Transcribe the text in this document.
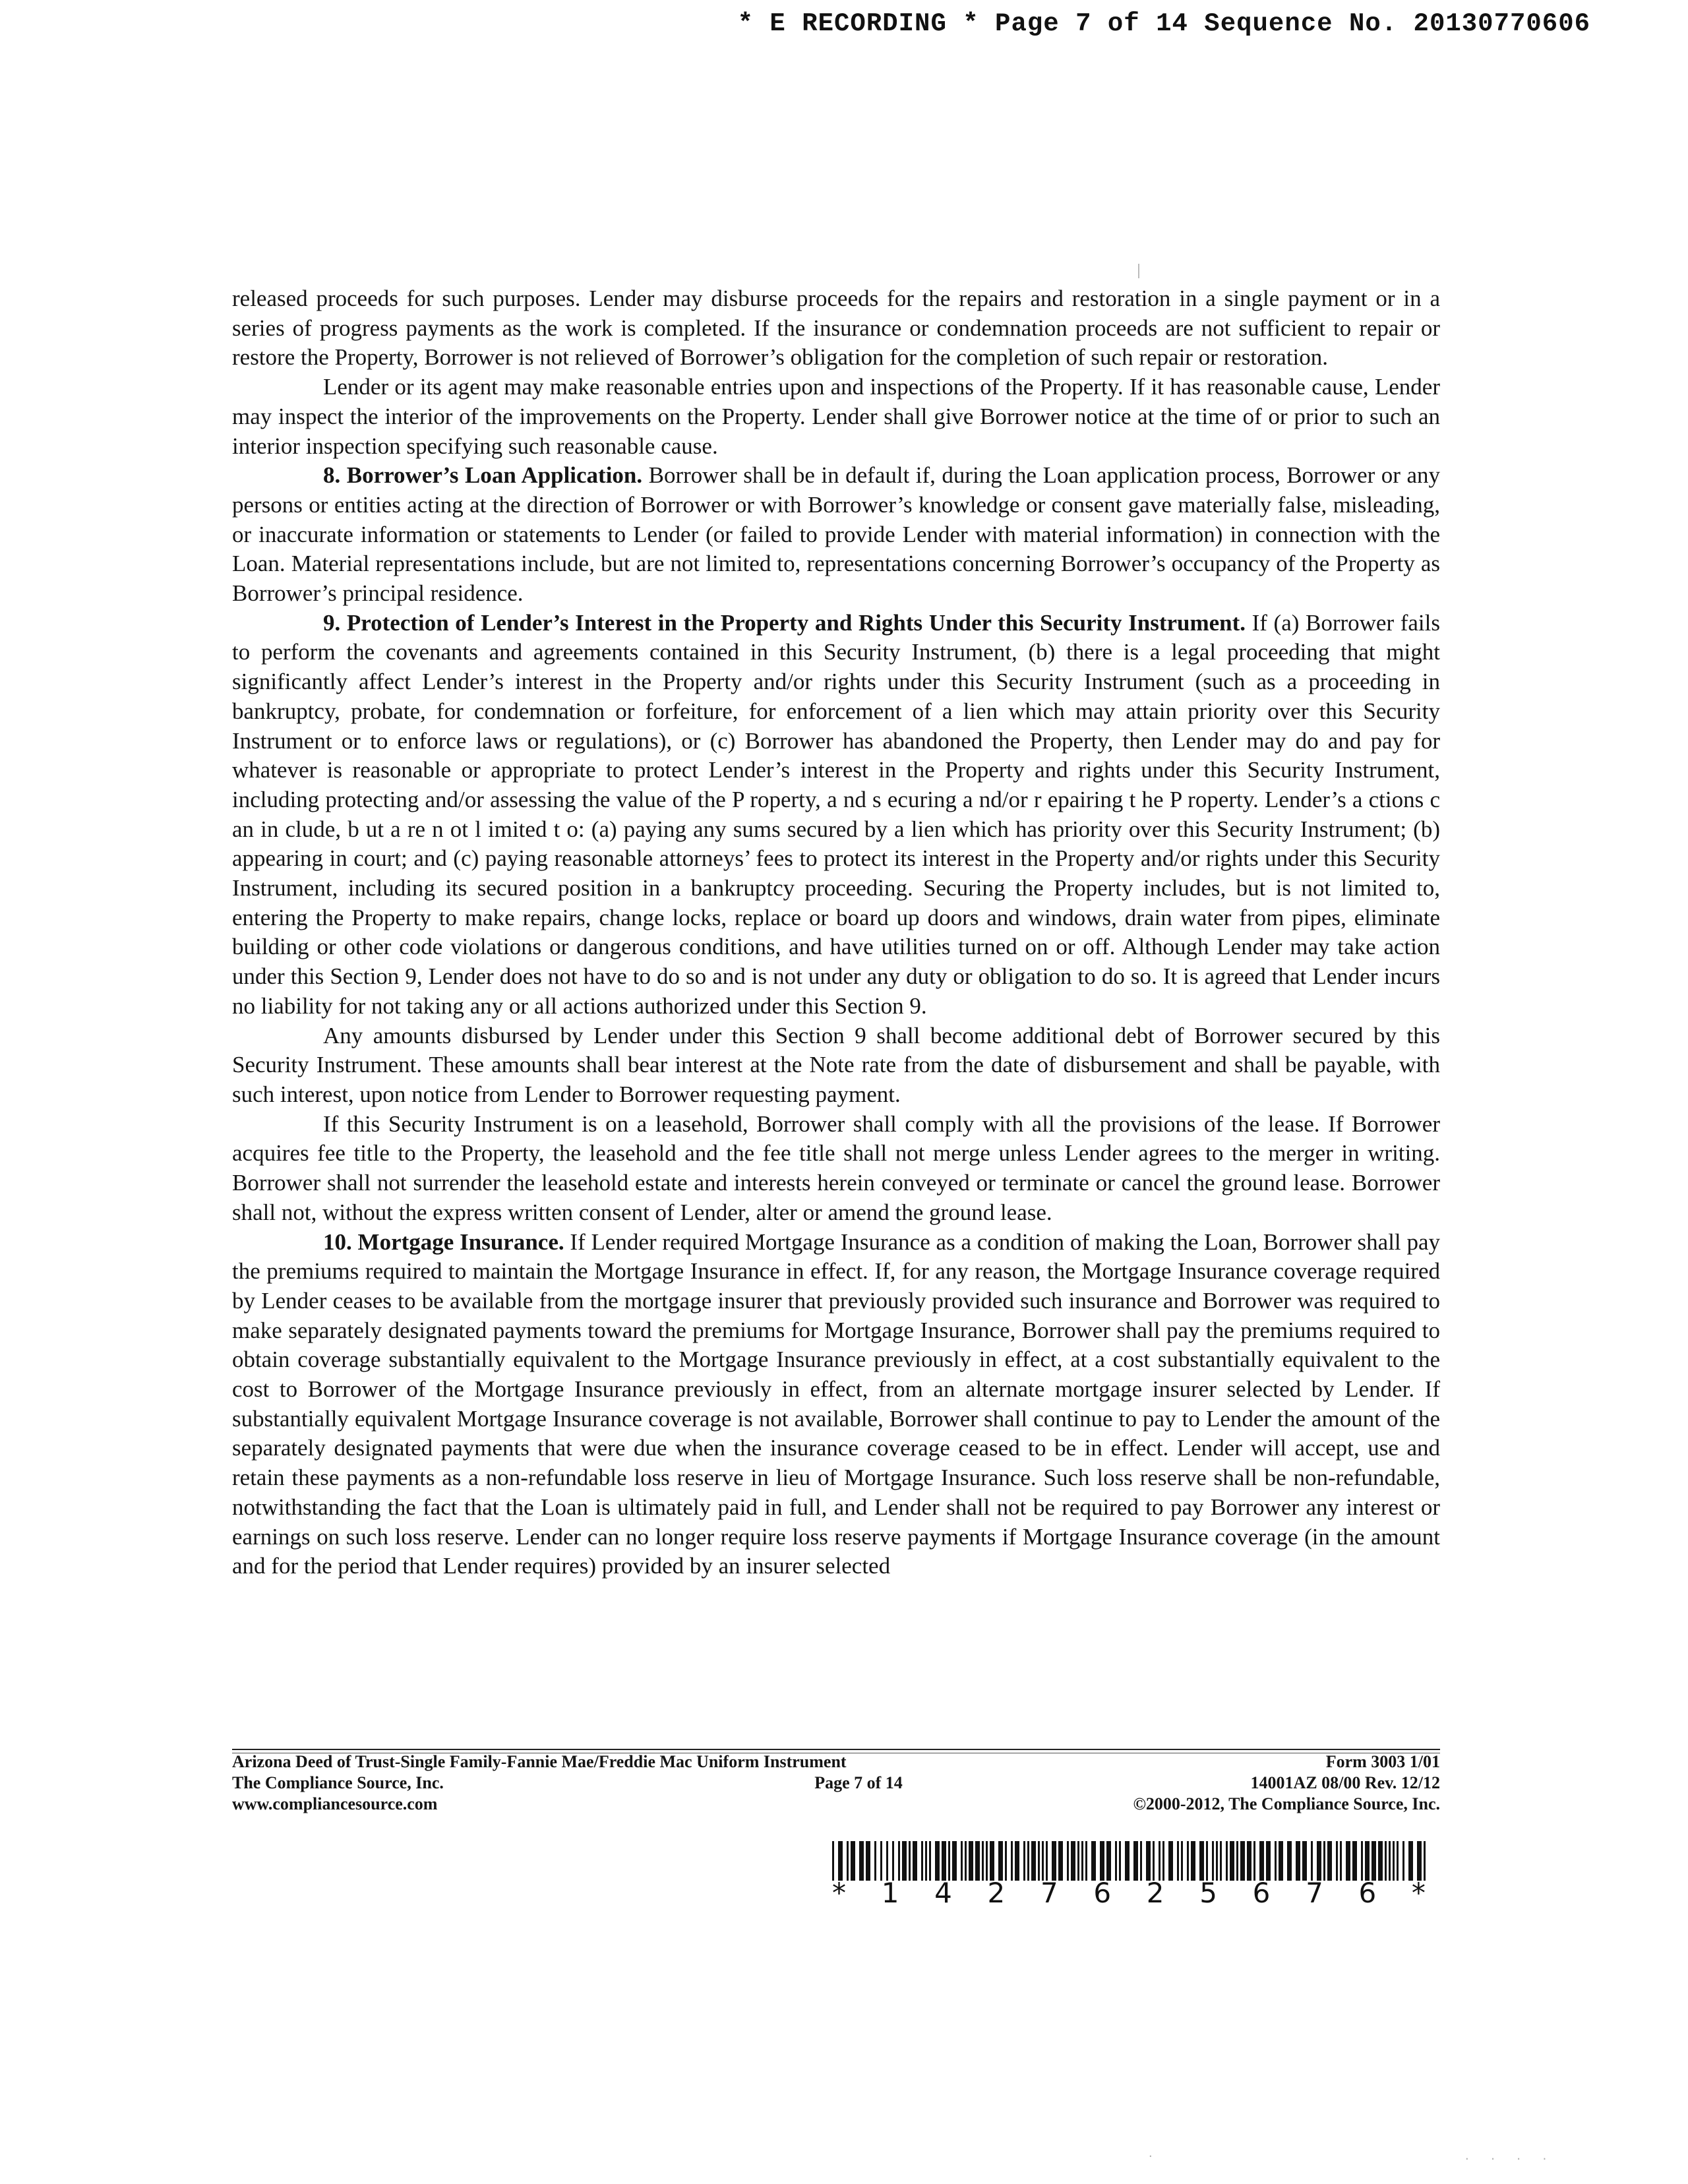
* E RECORDING * Page 7 of 14 Sequence No. 20130770606
.	. . . .

released proceeds for such purposes. Lender may disburse proceeds for the repairs and restoration in a single payment or in a series of progress payments as the work is completed. If the insurance or condemnation proceeds are not sufficient to repair or restore the Property, Borrower is not relieved of Borrower’s obligation for the completion of such repair or restoration.

Lender or its agent may make reasonable entries upon and inspections of the Property. If it has reasonable cause, Lender may inspect the interior of the improvements on the Property. Lender shall give Borrower notice at the time of or prior to such an interior inspection specifying such reasonable cause.

8. Borrower’s Loan Application. Borrower shall be in default if, during the Loan application process, Borrower or any persons or entities acting at the direction of Borrower or with Borrower’s knowledge or consent gave materially false, misleading, or inaccurate information or statements to Lender (or failed to provide Lender with material information) in connection with the Loan. Material representations include, but are not limited to, representations concerning Borrower’s occupancy of the Property as Borrower’s principal residence.

9. Protection of Lender’s Interest in the Property and Rights Under this Security Instrument. If (a) Borrower fails to perform the covenants and agreements contained in this Security Instrument, (b) there is a legal proceeding that might significantly affect Lender’s interest in the Property and/or rights under this Security Instrument (such as a proceeding in bankruptcy, probate, for condemnation or forfeiture, for enforcement of a lien which may attain priority over this Security Instrument or to enforce laws or regulations), or (c) Borrower has abandoned the Property, then Lender may do and pay for whatever is reasonable or appropriate to protect Lender’s interest in the Property and rights under this Security Instrument, including protecting and/or assessing the value of the P roperty, a nd s ecuring a nd/or r epairing t he P roperty. Lender’s a ctions c an in clude, b ut a re n ot l imited t o: (a) paying any sums secured by a lien which has priority over this Security Instrument; (b) appearing in court; and (c) paying reasonable attorneys’ fees to protect its interest in the Property and/or rights under this Security Instrument, including its secured position in a bankruptcy proceeding. Securing the Property includes, but is not limited to, entering the Property to make repairs, change locks, replace or board up doors and windows, drain water from pipes, eliminate building or other code violations or dangerous conditions, and have utilities turned on or off. Although Lender may take action under this Section 9, Lender does not have to do so and is not under any duty or obligation to do so. It is agreed that Lender incurs no liability for not taking any or all actions authorized under this Section 9.

Any amounts disbursed by Lender under this Section 9 shall become additional debt of Borrower secured by this Security Instrument. These amounts shall bear interest at the Note rate from the date of disbursement and shall be payable, with such interest, upon notice from Lender to Borrower requesting payment.

If this Security Instrument is on a leasehold, Borrower shall comply with all the provisions of the lease. If Borrower acquires fee title to the Property, the leasehold and the fee title shall not merge unless Lender agrees to the merger in writing. Borrower shall not surrender the leasehold estate and interests herein conveyed or terminate or cancel the ground lease. Borrower shall not, without the express written consent of Lender, alter or amend the ground lease.

10. Mortgage Insurance. If Lender required Mortgage Insurance as a condition of making the Loan, Borrower shall pay the premiums required to maintain the Mortgage Insurance in effect. If, for any reason, the Mortgage Insurance coverage required by Lender ceases to be available from the mortgage insurer that previously provided such insurance and Borrower was required to make separately designated payments toward the premiums for Mortgage Insurance, Borrower shall pay the premiums required to obtain coverage substantially equivalent to the Mortgage Insurance previously in effect, at a cost substantially equivalent to the cost to Borrower of the Mortgage Insurance previously in effect, from an alternate mortgage insurer selected by Lender. If substantially equivalent Mortgage Insurance coverage is not available, Borrower shall continue to pay to Lender the amount of the separately designated payments that were due when the insurance coverage ceased to be in effect. Lender will accept, use and retain these payments as a non-refundable loss reserve in lieu of Mortgage Insurance. Such loss reserve shall be non-refundable, notwithstanding the fact that the Loan is ultimately paid in full, and Lender shall not be required to pay Borrower any interest or earnings on such loss reserve. Lender can no longer require loss reserve payments if Mortgage Insurance coverage (in the amount and for the period that Lender requires) provided by an insurer selected

Arizona Deed of Trust-Single Family-Fannie Mae/Freddie Mac Uniform Instrument	Form 3003 1/01
The Compliance Source, Inc.	Page 7 of 14	14001AZ 08/00 Rev. 12/12
www.compliancesource.com	©2000-2012, The Compliance Source, Inc.
* 1 4 2 7 6 2 5 6 7 6 *
